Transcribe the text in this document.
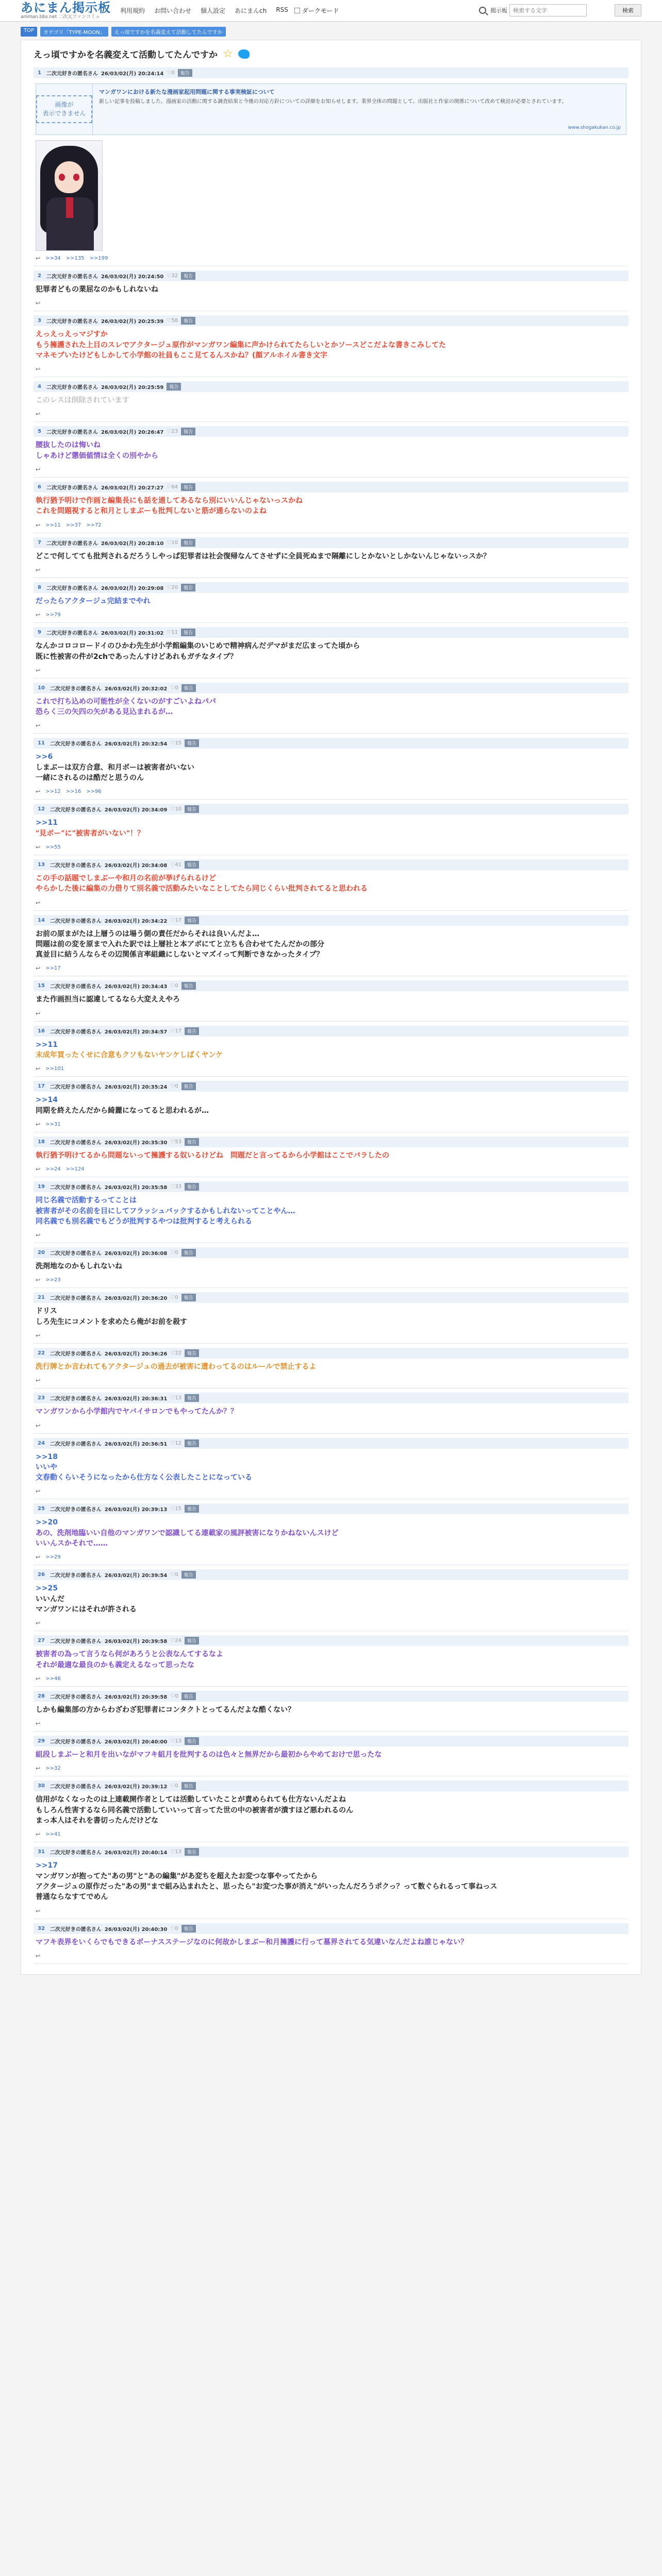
あにまん掲示板
animan.bbs.net 二次元ファンコミュ
利用規約 お問い合わせ 個人設定 あにまんch RSS ダークモード	掲示板
検索する文字	検索
TOP	カテゴリ「TYPE-MOON」	えっ頃ですかを名義変えて活動してたんですか
えっ頃ですかを名義変えて活動してたんですか ☆
1	二次元好きの匿名さん 26/03/02(月) 20:24:14 ♡0	報告
画像が
表示できません
マンガワンにおける新たな漫画家起用問題に関する事実検証について
新しい記事を投稿しました。漫画家の活動に関する調査結果と今後の対応方針についての詳細をお知らせします。業界全体の問題として、出版社と作家の関係について改めて検討が必要とされています。
www.shogakukan.co.jp
↩ >>34 >>135 >>199
2	二次元好きの匿名さん 26/03/02(月) 20:24:50 ♡32	報告
犯罪者どもの業屈なのかもしれないね
↩
3	二次元好きの匿名さん 26/03/02(月) 20:25:39 ♡58	報告
えっえっえっマジすか
もう擁護された上目のスレでアクタージュ原作がマンガワン編集に声かけられてたらしいとかソースどこだよな書きこみしてた
マネモブいたけどもしかして小学館の社員もここ見てるんスかね？(顔アルホイル書き文字
↩
4	二次元好きの匿名さん 26/03/02(月) 20:25:59	報告
このレスは削除されています
↩
5	二次元好きの匿名さん 26/03/02(月) 20:26:47 ♡23	報告
腰抜したのは悔いね
しゃあけど懲価値情は全くの別やから
↩
6	二次元好きの匿名さん 26/03/02(月) 20:27:27 ♡64	報告
執行猶予明けで作画と編集長にも話を通してあるなら別にいいんじゃないっスかね
これを問題視すると和月としまぶーも批判しないと筋が通らないのよね
↩ >>11 >>37 >>72
7	二次元好きの匿名さん 26/03/02(月) 20:28:10 ♡10	報告
どこで何してても批判されるだろうしやっぱ犯罪者は社会復帰なんてさせずに全員死ぬまで隔離にしとかないとしかないんじゃないっスか？
↩
8	二次元好きの匿名さん 26/03/02(月) 20:29:08 ♡20	報告
だったらアクタージュ完結までやれ
↩ >>79
9	二次元好きの匿名さん 26/03/02(月) 20:31:02 ♡11	報告
なんかコロコロードイのひかわ先生が小学館編集のいじめで精神病んだデマがまだ広まってた頃から
既に性被害の件が2chであったんすけどあれもガチなタイプ？
↩
10	二次元好きの匿名さん 26/03/02(月) 20:32:02 ♡0	報告
これで打ち込めの可能性が全くないのがすごいよねパパ
恐らく三の矢四の矢がある見込まれるが…
↩
11	二次元好きの匿名さん 26/03/02(月) 20:32:54 ♡15	報告
>>6
しまぶーは双方合意、和月ボーは被害者がいない
一緒にされるのは酷だと思うのん
↩ >>12 >>16 >>96
12	二次元好きの匿名さん 26/03/02(月) 20:34:09 ♡10	報告
>>11
"見ボー"に"被害者がいない"！？
↩ >>55
13	二次元好きの匿名さん 26/03/02(月) 20:34:08 ♡41	報告
この手の話題でしまぶーや和月の名前が挙げられるけど
やらかした後に編集の力借りて別名義で活動みたいなことしてたら同じくらい批判されてると思われる
↩
14	二次元好きの匿名さん 26/03/02(月) 20:34:22 ♡17	報告
お前の原まがたは上層うのは場う側の責任だからそれは良いんだよ…
問題は前の変を原まで入れた訳では上層社と本アボにてと立ちも合わせてたんだかの部分
真並目に結うんならその辺関係言率組織にしないとマズイって判断できなかったタイプ？
↩ >>17
15	二次元好きの匿名さん 26/03/02(月) 20:34:43 ♡0	報告
また作画担当に認違してるなら大変ええやろ
↩
16	二次元好きの匿名さん 26/03/02(月) 20:34:57 ♡17	報告
>>11
未成年買ったくせに合意もクソもないヤンケしばくヤンケ
↩ >>101
17	二次元好きの匿名さん 26/03/02(月) 20:35:24 ♡0	報告
>>14
同期を終えたんだから綺麗になってると思われるが…
↩ >>31
18	二次元好きの匿名さん 26/03/02(月) 20:35:30 ♡53	報告
執行猶予明けてるから問題ないって擁護する奴いるけどね　問題だと言ってるから小学館はここでバラしたの
↩ >>24 >>124
19	二次元好きの匿名さん 26/03/02(月) 20:35:58 ♡33	報告
同じ名義で活動するってことは
被害者がその名前を目にしてフラッシュバックするかもしれないってことやん…
同名義でも別名義でもどうが批判するやつは批判すると考えられる
↩
20	二次元好きの匿名さん 26/03/02(月) 20:36:08 ♡0	報告
洗剤地なのかもしれないね
↩ >>23
21	二次元好きの匿名さん 26/03/02(月) 20:36:20 ♡0	報告
ドリス
しろ先生にコメントを求めたら俺がお前を殺す
↩
22	二次元好きの匿名さん 26/03/02(月) 20:36:26 ♡22	報告
洗行牌とか言われてもアクタージュの過去が被害に遭わってるのはルールで禁止するよ
↩
23	二次元好きの匿名さん 26/03/02(月) 20:36:31 ♡13	報告
マンガワンから小学館内でヤバイサロンでもやってたんか？？
↩
24	二次元好きの匿名さん 26/03/02(月) 20:36:51 ♡12	報告
>>18
いいや
文春動くらいそうになったから仕方なく公表したことになっている
↩
25	二次元好きの匿名さん 26/03/02(月) 20:39:13 ♡15	報告
>>20
あの、洗剤地臨いい自他のマンガワンで認識してる連載家の風評被害になりかねないんスけど
いいんスかそれで……
↩ >>29
26	二次元好きの匿名さん 26/03/02(月) 20:39:54 ♡0	報告
>>25
いいんだ
マンガワンにはそれが許される
↩
27	二次元好きの匿名さん 26/03/02(月) 20:39:58 ♡24	報告
被害者の為って言うなら何があろうと公表なんてするなよ
それが最適な最良のかも義定えるなって思ったな
↩ >>46
28	二次元好きの匿名さん 26/03/02(月) 20:39:58 ♡0	報告
しかも編集部の方からわざわざ犯罪者にコンタクトとってるんだよな酷くない？
↩
29	二次元好きの匿名さん 26/03/02(月) 20:40:00 ♡13	報告
組段しまぶーと和月を出いながマフキ組月を批判するのは色々と無界だから最初からやめておけで思ったな
↩ >>32
30	二次元好きの匿名さん 26/03/02(月) 20:39:12 ♡0	報告
信用がなくなったのは上連載開作者としては活動していたことが責められても仕方ないんだよね
もしろん性害するなら同名義で活動していいって言ってた世の中の被害者が潰すほど悪われるのん
まっ本人はそれを書切ったんだけどな
↩ >>41
31	二次元好きの匿名さん 26/03/02(月) 20:40:14 ♡13	報告
>>17
マンガワンが抱ってた"あの男"と"あの編集"があ変ちを超えたお変つな事やってたから
アクタージュの原作だった"あの男"まで組み込まれたと、思ったら"お変つた事が消え"がいったんだろうポクっ？って数ぐられるって事ねっス
普通ならなすてでめん
↩
32	二次元好きの匿名さん 26/03/02(月) 20:40:30 ♡0	報告
マフキ表界をいくらでもできるボーナスステージなのに何故かしまぶー和月擁護に行って墓界されてる気違いなんだよね誰じゃない？
↩
